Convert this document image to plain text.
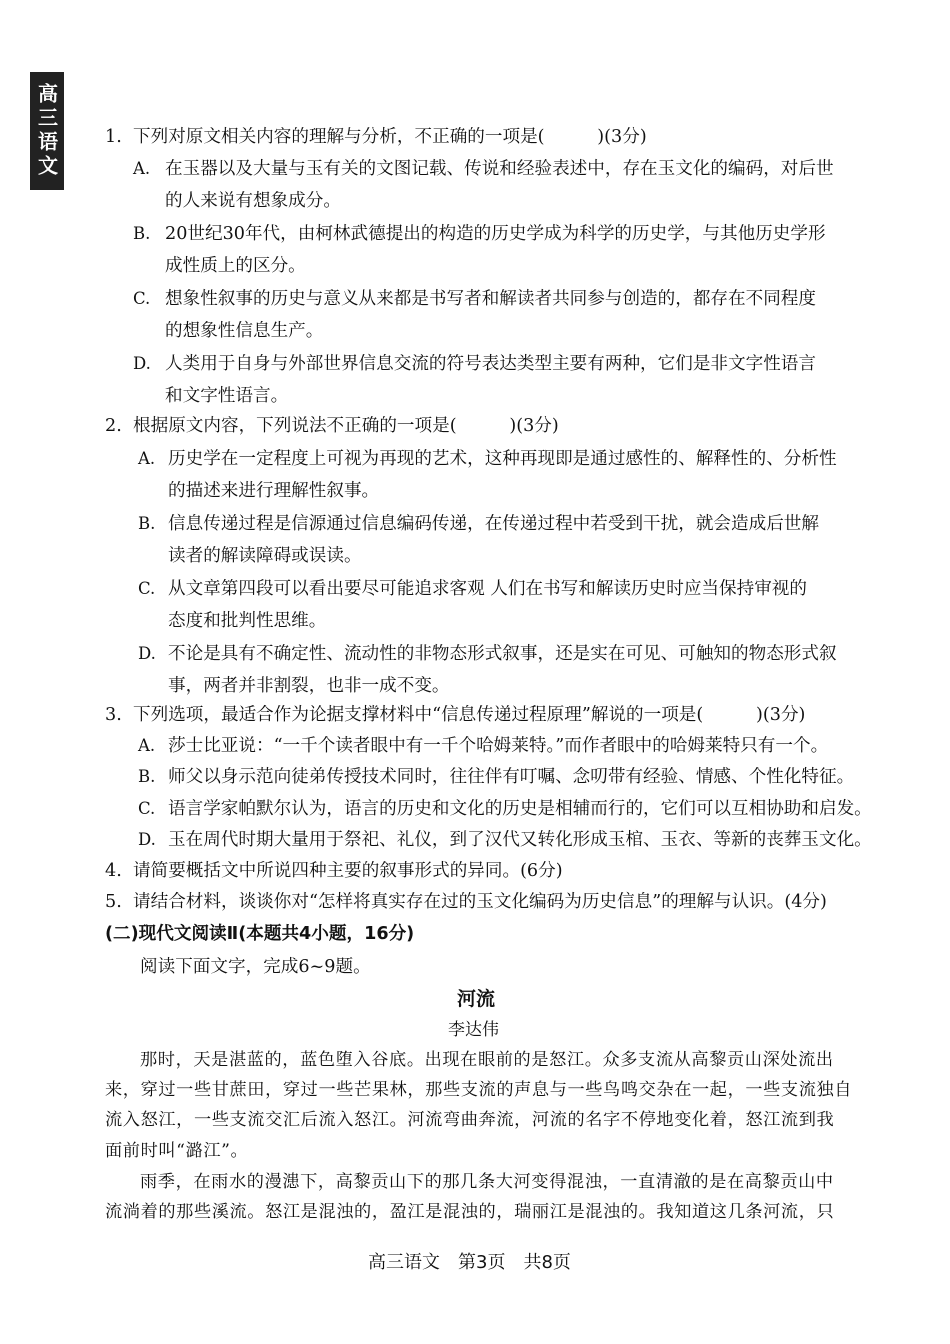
高三语文	1. 下列对原文相关内容的理解与分析，不正确的一项是(　　　)(3分)
A. 在玉器以及大量与玉有关的文图记载、传说和经验表述中，存在玉文化的编码，对后世
的人来说有想象成分。
B. 20世纪30年代，由柯林武德提出的构造的历史学成为科学的历史学，与其他历史学形
成性质上的区分。
C. 想象性叙事的历史与意义从来都是书写者和解读者共同参与创造的，都存在不同程度
的想象性信息生产。
D. 人类用于自身与外部世界信息交流的符号表达类型主要有两种，它们是非文字性语言
和文字性语言。
2. 根据原文内容，下列说法不正确的一项是(　　　)(3分)
A. 历史学在一定程度上可视为再现的艺术，这种再现即是通过感性的、解释性的、分析性
的描述来进行理解性叙事。
B. 信息传递过程是信源通过信息编码传递，在传递过程中若受到干扰，就会造成后世解
读者的解读障碍或误读。
C. 从文章第四段可以看出要尽可能追求客观 人们在书写和解读历史时应当保持审视的
态度和批判性思维。
D. 不论是具有不确定性、流动性的非物态形式叙事，还是实在可见、可触知的物态形式叙
事，两者并非割裂，也非一成不变。
3. 下列选项，最适合作为论据支撑材料中“信息传递过程原理”解说的一项是(　　　)(3分)
A. 莎士比亚说：“一千个读者眼中有一千个哈姆莱特。”而作者眼中的哈姆莱特只有一个。
B. 师父以身示范向徒弟传授技术同时，往往伴有叮嘱、念叨带有经验、情感、个性化特征。
C. 语言学家帕默尔认为，语言的历史和文化的历史是相辅而行的，它们可以互相协助和启发。
D. 玉在周代时期大量用于祭祀、礼仪，到了汉代又转化形成玉棺、玉衣、等新的丧葬玉文化。
4. 请简要概括文中所说四种主要的叙事形式的异同。(6分)
5. 请结合材料，谈谈你对“怎样将真实存在过的玉文化编码为历史信息”的理解与认识。(4分)
(二)现代文阅读Ⅱ(本题共4小题，16分)
阅读下面文字，完成6~9题。
河流
李达伟
那时，天是湛蓝的，蓝色堕入谷底。出现在眼前的是怒江。众多支流从高黎贡山深处流出
来，穿过一些甘蔗田，穿过一些芒果林，那些支流的声息与一些鸟鸣交杂在一起，一些支流独自
流入怒江，一些支流交汇后流入怒江。河流弯曲奔流，河流的名字不停地变化着，怒江流到我
面前时叫“潞江”。
雨季，在雨水的漫漶下，高黎贡山下的那几条大河变得混浊，一直清澈的是在高黎贡山中
流淌着的那些溪流。怒江是混浊的，盈江是混浊的，瑞丽江是混浊的。我知道这几条河流，只
高三语文　第3页　共8页
